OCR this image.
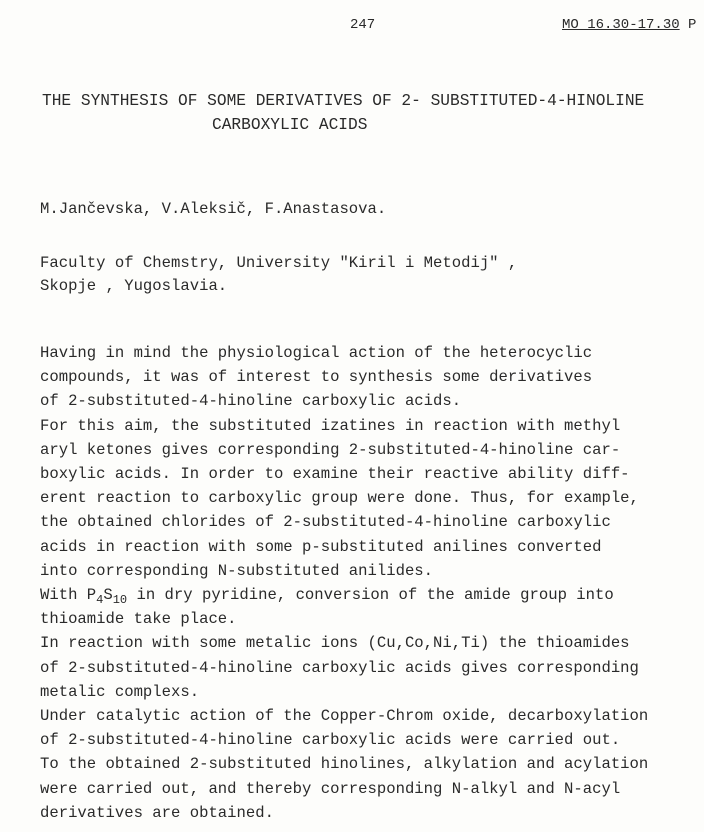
247	MO 16.30-17.30 P
THE SYNTHESIS OF SOME DERIVATIVES OF 2- SUBSTITUTED-4-HINOLINE
CARBOXYLIC ACIDS
M.Jančevska, V.Aleksič, F.Anastasova.
Faculty of Chemstry, University "Kiril i Metodij" ,
Skopje , Yugoslavia.
Having in mind the physiological action of the heterocyclic
compounds, it was of interest to synthesis some derivatives
of 2-substituted-4-hinoline carboxylic acids.
For this aim, the substituted izatines in reaction with methyl
aryl ketones gives corresponding 2-substituted-4-hinoline car-
boxylic acids. In order to examine their reactive ability diff-
erent reaction to carboxylic group were done. Thus, for example,
the obtained chlorides of 2-substituted-4-hinoline carboxylic
acids in reaction with some p-substituted anilines converted
into corresponding N-substituted anilides.
thioamide take place.
In reaction with some metalic ions (Cu,Co,Ni,Ti) the thioamides
of 2-substituted-4-hinoline carboxylic acids gives corresponding
metalic complexs.
Under catalytic action of the Copper-Chrom oxide, decarboxylation
of 2-substituted-4-hinoline carboxylic acids were carried out.
To the obtained 2-substituted hinolines, alkylation and acylation
were carried out, and thereby corresponding N-alkyl and N-acyl
derivatives are obtained.
With $P_4S_{10}$ in dry pyridine, conversion of the amide group into
